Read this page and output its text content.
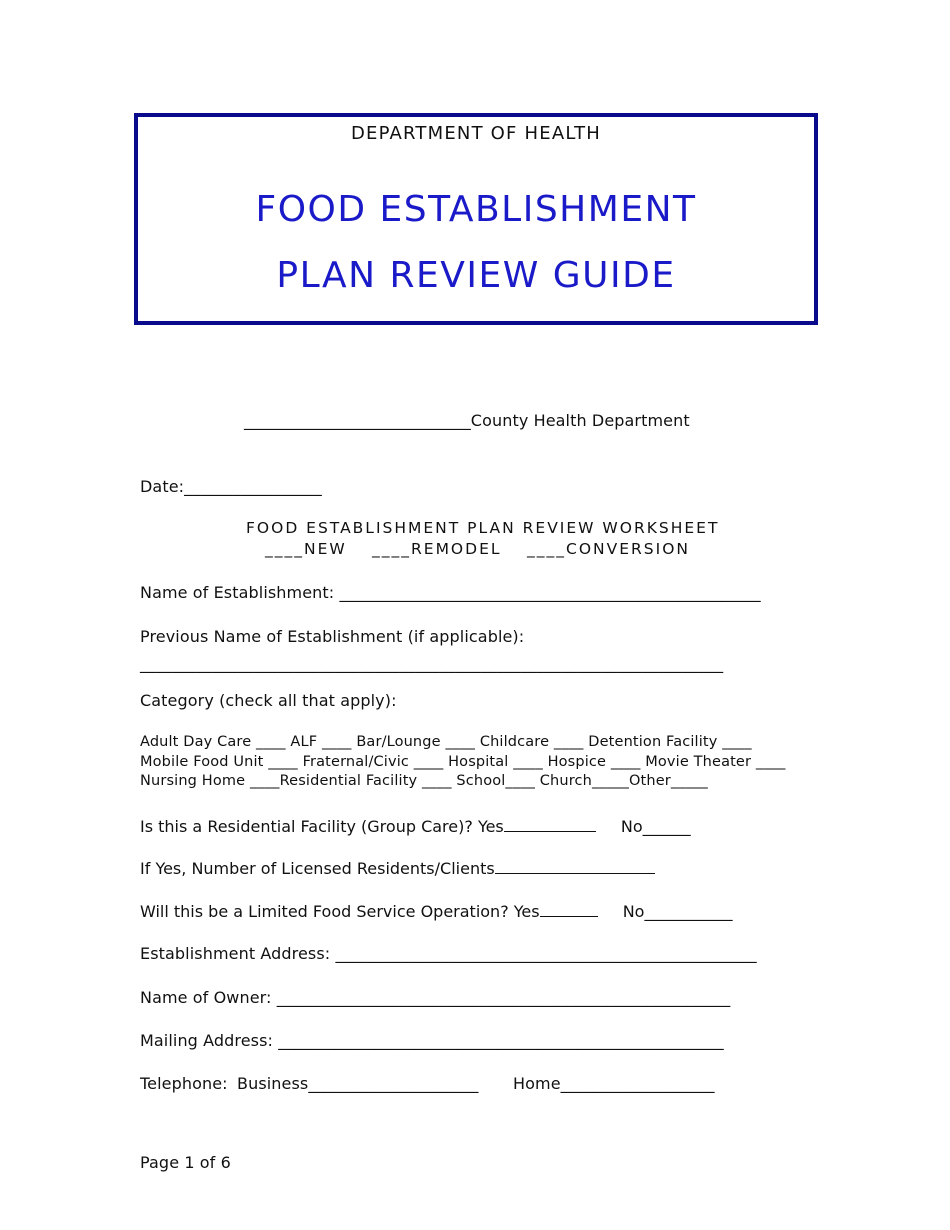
DEPARTMENT OF HEALTH
FOOD ESTABLISHMENT
PLAN REVIEW GUIDE
____________________________County Health Department
Date:_________________
FOOD ESTABLISHMENT PLAN REVIEW WORKSHEET
____NEW ____REMODEL ____CONVERSION
Name of Establishment: ____________________________________________________
Previous Name of Establishment (if applicable):
________________________________________________________________________
Category (check all that apply):
Adult Day Care ____ ALF ____ Bar/Lounge ____ Childcare ____ Detention Facility ____
Mobile Food Unit ____ Fraternal/Civic ____ Hospital ____ Hospice ____ Movie Theater ____
Nursing Home ____Residential Facility ____ School____ Church_____Other_____
Is this a Residential Facility (Group Care)? Yes	No______
If Yes, Number of Licensed Residents/Clients
Will this be a Limited Food Service Operation? Yes	No___________
Establishment Address: ____________________________________________________
Name of Owner: ________________________________________________________
Mailing Address: _______________________________________________________
Telephone: Business_____________________ Home___________________
Page 1 of 6
